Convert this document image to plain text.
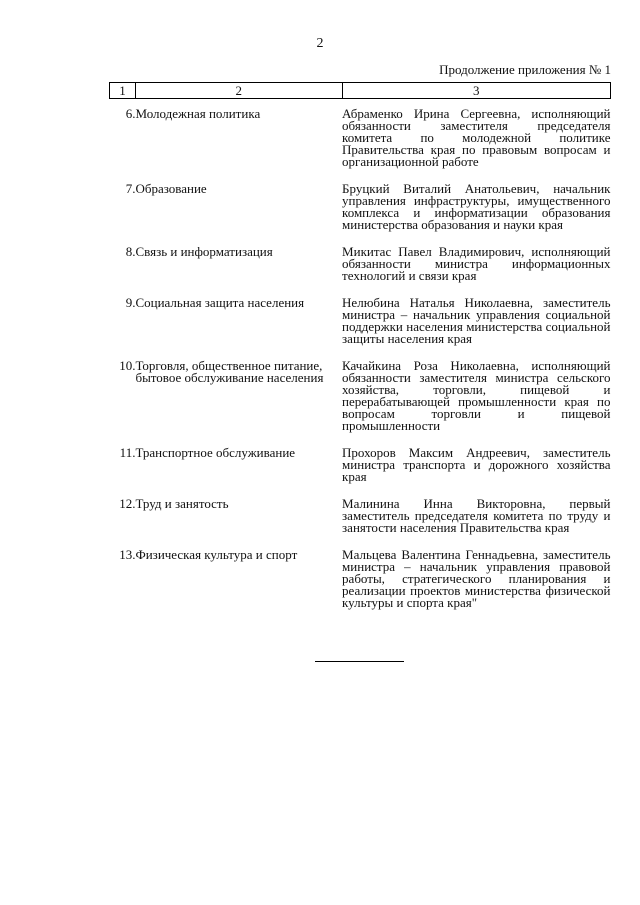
2
Продолжение приложения № 1
1	2	3
6.	Молодежная политика	Абраменко Ирина Сергеевна, исполняющий обязанности заместителя председателя комитета по молодежной политике Правительства края по правовым вопросам и организационной работе
7.	Образование	Бруцкий Виталий Анатольевич, начальник управления инфраструктуры, имущественного комплекса и информатизации образования министерства образования и науки края
8.	Связь и информатизация	Микитас Павел Владимирович, исполняющий обязанности министра информационных технологий и связи края
9.	Социальная защита населения	Нелюбина Наталья Николаевна, заместитель министра – начальник управления социальной поддержки населения министерства социальной защиты населения края
10.	Торговля, общественное питание, бытовое обслуживание населения	Качайкина Роза Николаевна, исполняющий обязанности заместителя министра сельского хозяйства, торговли, пищевой и перерабатывающей промышленности края по вопросам торговли и пищевой промышленности
11.	Транспортное обслуживание	Прохоров Максим Андреевич, заместитель министра транспорта и дорожного хозяйства края
12.	Труд и занятость	Малинина Инна Викторовна, первый заместитель председателя комитета по труду и занятости населения Правительства края
13.	Физическая культура и спорт	Мальцева Валентина Геннадьевна, заместитель министра – начальник управления правовой работы, стратегического планирования и реализации проектов министерства физической культуры и спорта края"
